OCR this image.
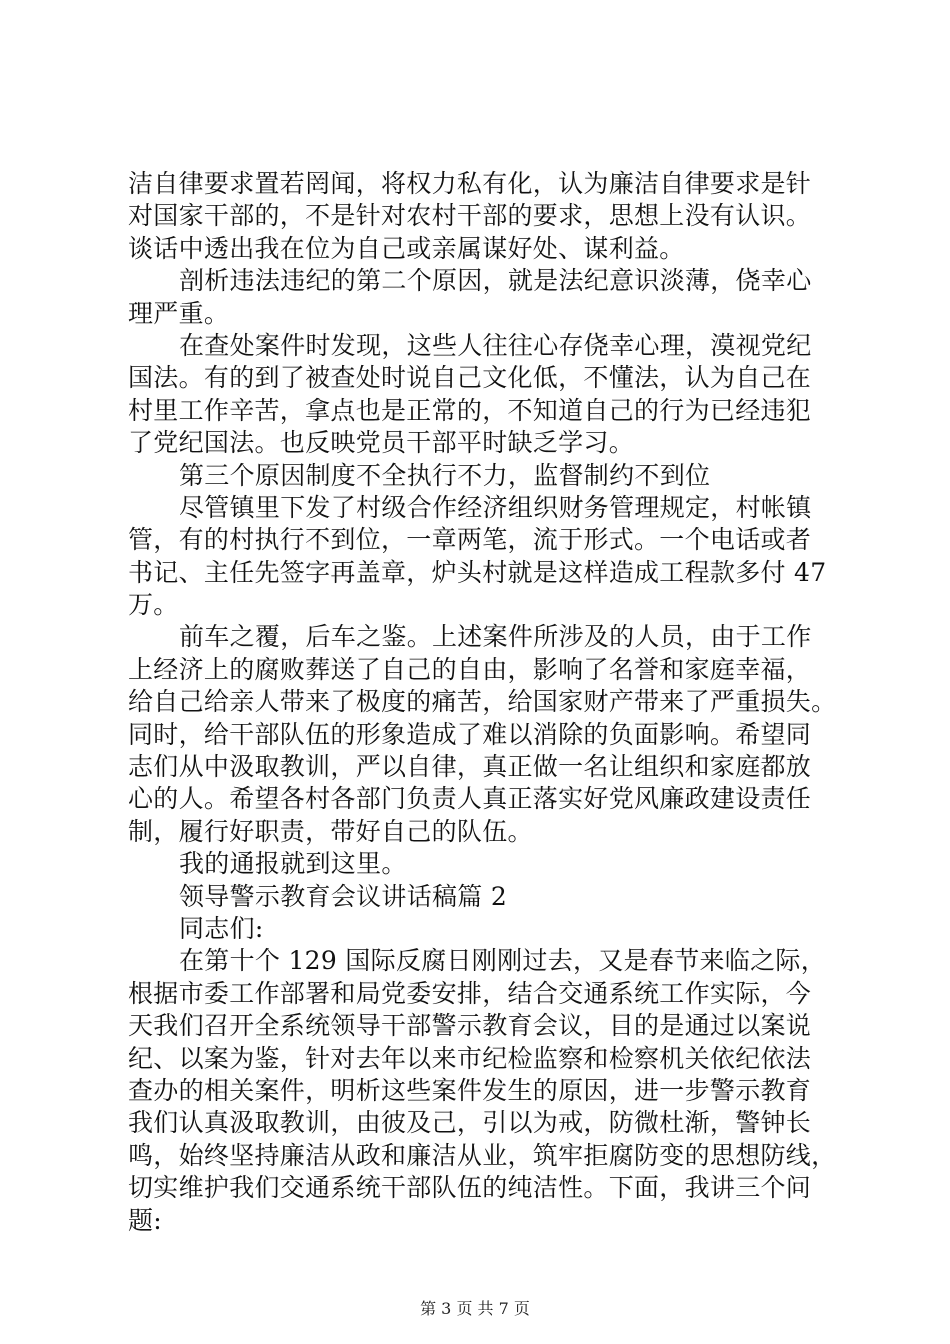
洁自律要求置若罔闻，将权力私有化，认为廉洁自律要求是针
对国家干部的，不是针对农村干部的要求，思想上没有认识。
谈话中透出我在位为自己或亲属谋好处、谋利益。
剖析违法违纪的第二个原因，就是法纪意识淡薄，侥幸心
理严重。
在查处案件时发现，这些人往往心存侥幸心理，漠视党纪
国法。有的到了被查处时说自己文化低，不懂法，认为自己在
村里工作辛苦，拿点也是正常的，不知道自己的行为已经违犯
了党纪国法。也反映党员干部平时缺乏学习。
第三个原因制度不全执行不力，监督制约不到位
尽管镇里下发了村级合作经济组织财务管理规定，村帐镇
管，有的村执行不到位，一章两笔，流于形式。一个电话或者
书记、主任先签字再盖章，炉头村就是这样造成工程款多付 47
万。
前车之覆，后车之鉴。上述案件所涉及的人员，由于工作
上经济上的腐败葬送了自己的自由，影响了名誉和家庭幸福，
给自己给亲人带来了极度的痛苦，给国家财产带来了严重损失。
同时，给干部队伍的形象造成了难以消除的负面影响。希望同
志们从中汲取教训，严以自律，真正做一名让组织和家庭都放
心的人。希望各村各部门负责人真正落实好党风廉政建设责任
制，履行好职责，带好自己的队伍。
我的通报就到这里。
领导警示教育会议讲话稿篇 2
同志们:
在第十个 129 国际反腐日刚刚过去，又是春节来临之际，
根据市委工作部署和局党委安排，结合交通系统工作实际，今
天我们召开全系统领导干部警示教育会议，目的是通过以案说
纪、以案为鉴，针对去年以来市纪检监察和检察机关依纪依法
查办的相关案件，明析这些案件发生的原因，进一步警示教育
我们认真汲取教训，由彼及己，引以为戒，防微杜渐，警钟长
鸣，始终坚持廉洁从政和廉洁从业，筑牢拒腐防变的思想防线，
切实维护我们交通系统干部队伍的纯洁性。下面，我讲三个问
题:
第 3 页 共 7 页
